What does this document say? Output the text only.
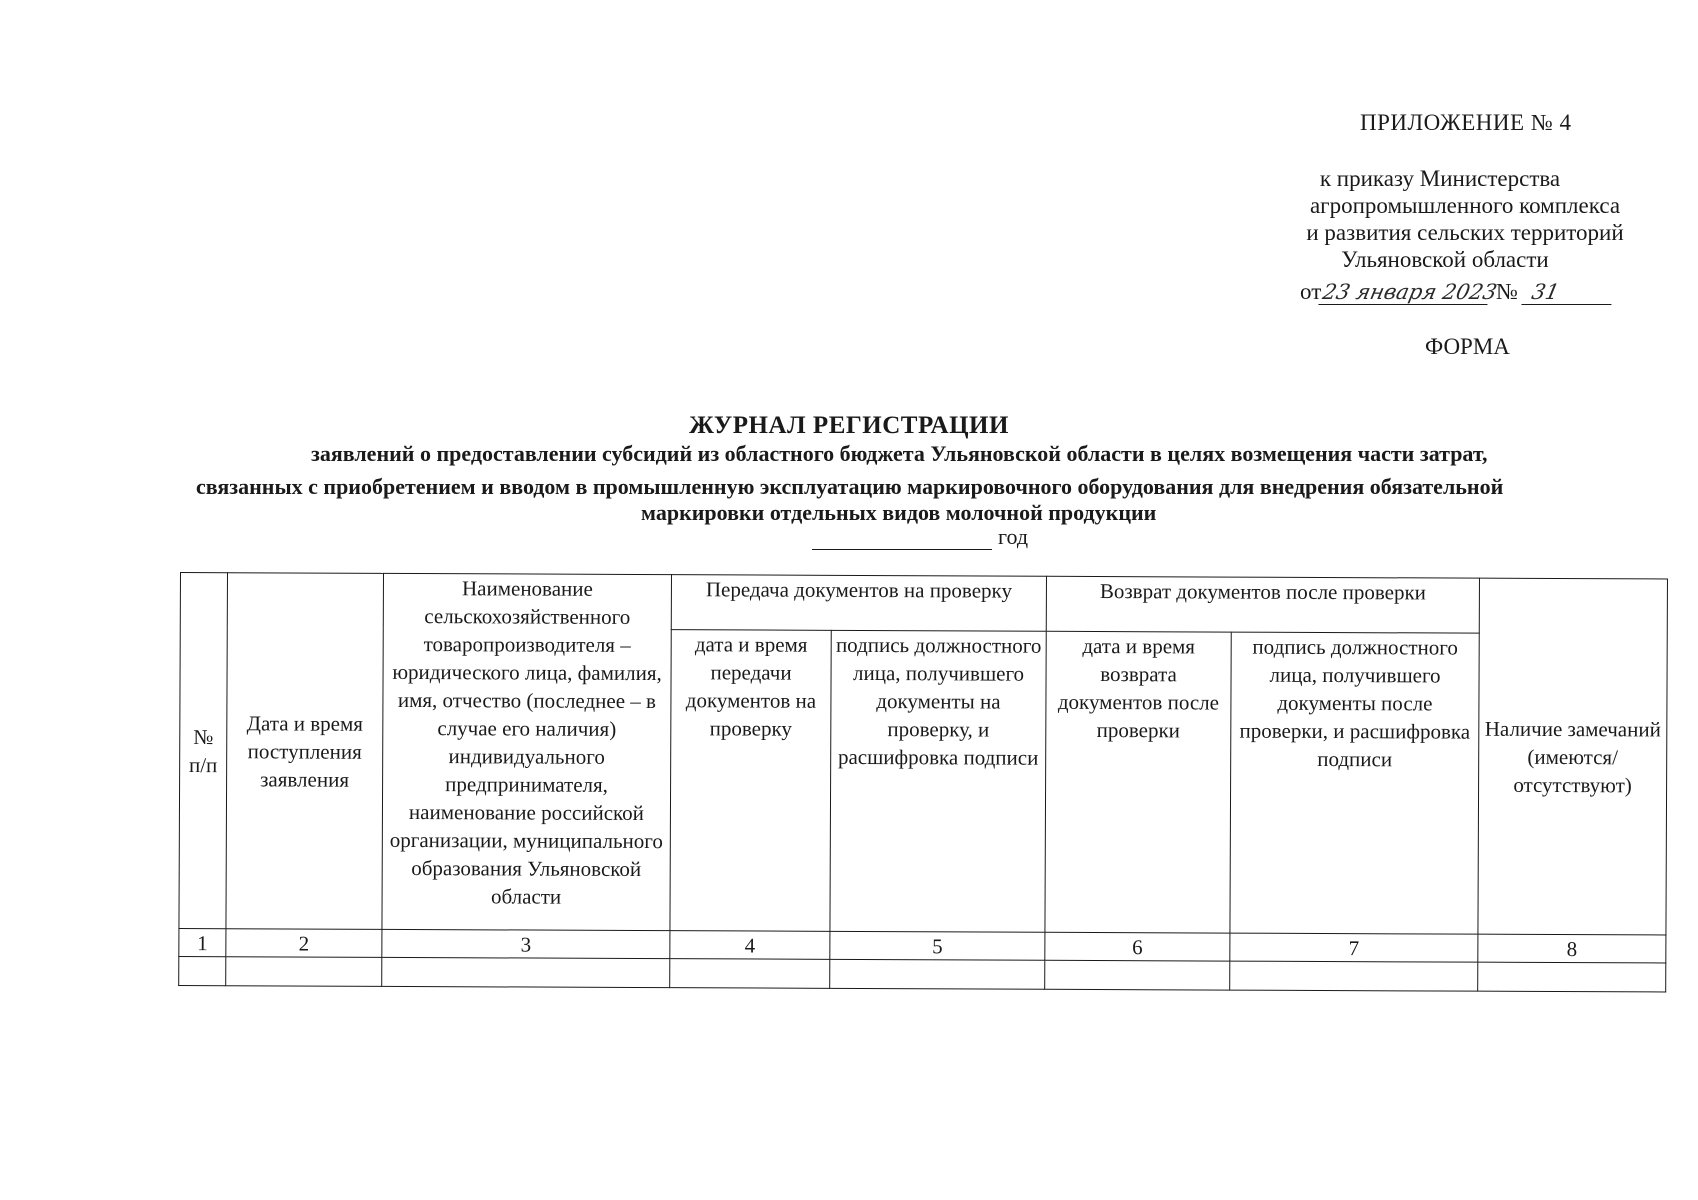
ПРИЛОЖЕНИЕ № 4
к приказу Министерства
агропромышленного комплекса
и развития сельских территорий
Ульяновской области
от23 января 2023 № 31
ФОРМА
ЖУРНАЛ РЕГИСТРАЦИИ
заявлений о предоставлении субсидий из областного бюджета Ульяновской области в целях возмещения части затрат,
связанных с приобретением и вводом в промышленную эксплуатацию маркировочного оборудования для внедрения обязательной
маркировки отдельных видов молочной продукции
год
№ п/п	Дата и время поступления заявления	Наименование сельскохозяйственного товаропроизводителя – юридического лица, фамилия, имя, отчество (последнее – в случае его наличия) индивидуального предпринимателя, наименование российской организации, муниципального образования Ульяновской области	Передача документов на проверку		Возврат документов после проверки		Наличие замечаний (имеются/ отсутствуют)
			дата и время передачи документов на проверку	подпись должностного лица, получившего документы на проверку, и расшифровка подписи	дата и время возврата документов после проверки	подпись должностного лица, получившего документы после проверки, и расшифровка подписи	
1	2	3	4	5	6	7	8
